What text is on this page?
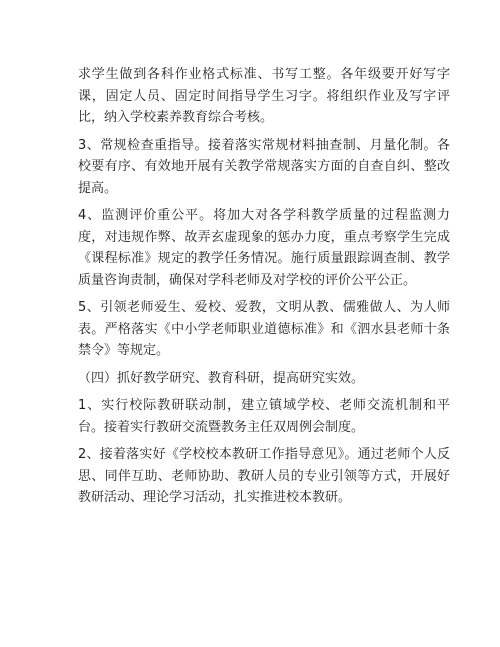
求学生做到各科作业格式标准、书写工整。各年级要开好写字课，固定人员、固定时间指导学生习字。将组织作业及写字评比，纳入学校素养教育综合考核。

3、常规检查重指导。接着落实常规材料抽查制、月量化制。各校要有序、有效地开展有关教学常规落实方面的自查自纠、整改提高。

4、监测评价重公平。将加大对各学科教学质量的过程监测力度，对违规作弊、故弄玄虚现象的惩办力度，重点考察学生完成《课程标准》规定的教学任务情况。施行质量跟踪调查制、教学质量咨询责制，确保对学科老师及对学校的评价公平公正。

5、引领老师爱生、爱校、爱教，文明从教、儒雅做人、为人师表。严格落实《中小学老师职业道德标准》和《泗水县老师十条禁令》等规定。

（四）抓好教学研究、教育科研，提高研究实效。

1、实行校际教研联动制，建立镇域学校、老师交流机制和平台。接着实行教研交流暨教务主任双周例会制度。

2、接着落实好《学校校本教研工作指导意见》。通过老师个人反思、同伴互助、老师协助、教研人员的专业引领等方式，开展好教研活动、理论学习活动，扎实推进校本教研。
